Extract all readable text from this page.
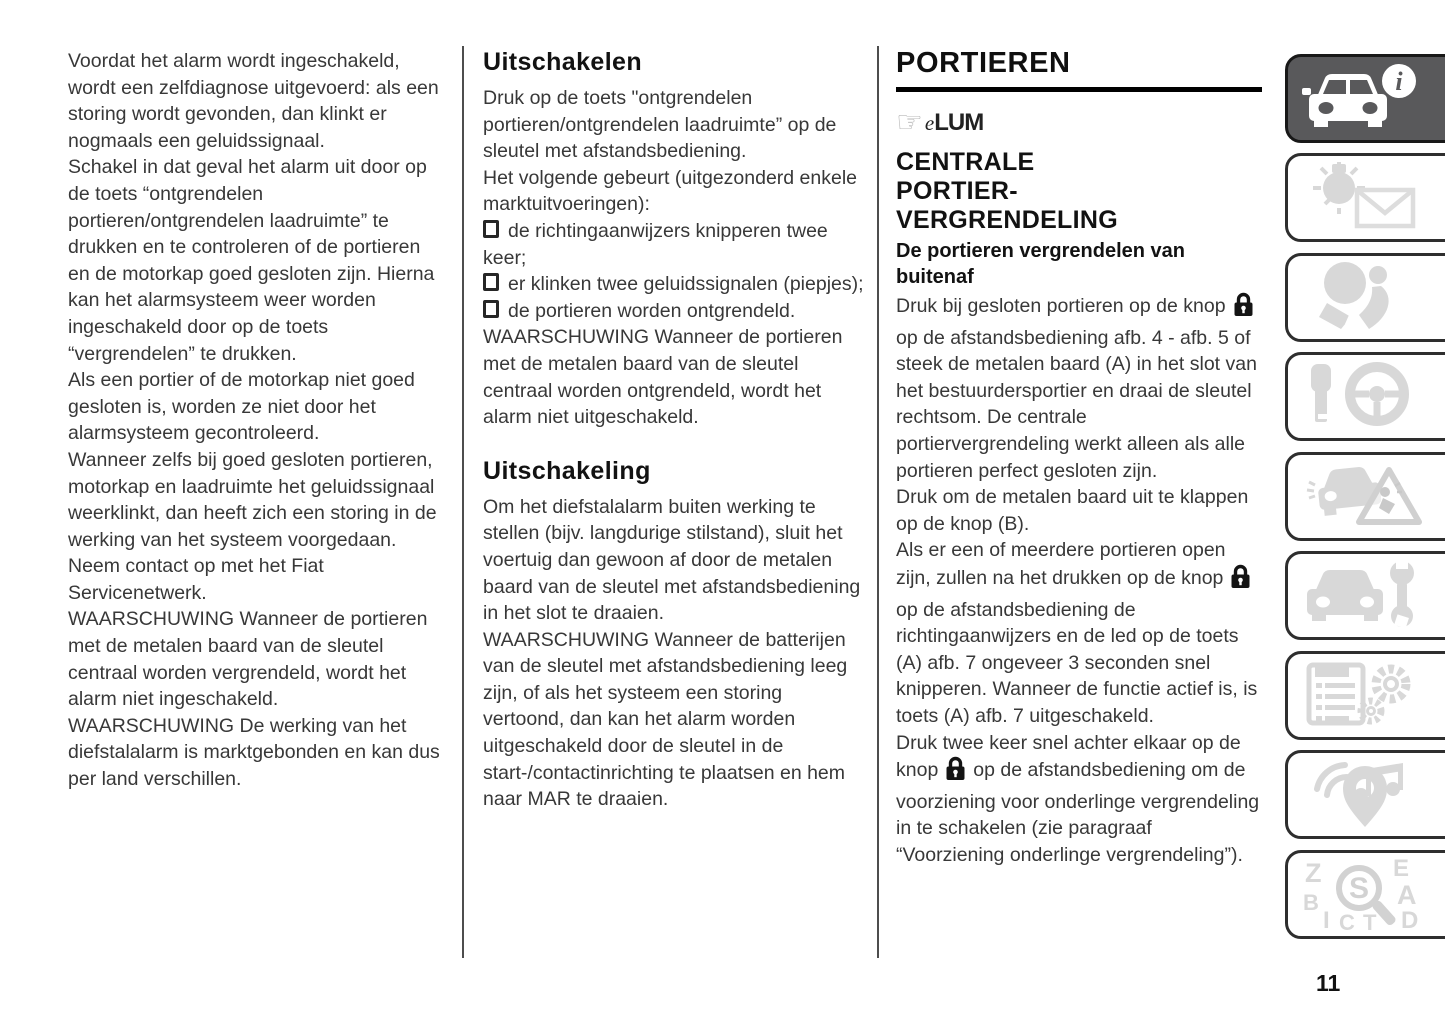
Voordat het alarm wordt ingeschakeld, wordt een zelfdiagnose uitgevoerd: als een storing wordt gevonden, dan klinkt er nogmaals een geluidssignaal.

Schakel in dat geval het alarm uit door op de toets “ontgrendelen portieren/ontgrendelen laadruimte” te drukken en te controleren of de portieren en de motorkap goed gesloten zijn. Hierna kan het alarmsysteem weer worden ingeschakeld door op de toets “vergrendelen” te drukken.

Als een portier of de motorkap niet goed gesloten is, worden ze niet door het alarmsysteem gecontroleerd.

Wanneer zelfs bij goed gesloten portieren, motorkap en laadruimte het geluidssignaal weerklinkt, dan heeft zich een storing in de werking van het systeem voorgedaan. Neem contact op met het Fiat Servicenetwerk.

WAARSCHUWING Wanneer de portieren met de metalen baard van de sleutel centraal worden vergrendeld, wordt het alarm niet ingeschakeld.

WAARSCHUWING De werking van het diefstalalarm is marktgebonden en kan dus per land verschillen.

Uitschakelen

Druk op de toets "ontgrendelen portieren/ontgrendelen laadruimte” op de sleutel met afstandsbediening.

Het volgende gebeurt (uitgezonderd enkele marktuitvoeringen):

de richtingaanwijzers knipperen twee keer;

er klinken twee geluidssignalen (piepjes);

de portieren worden ontgrendeld.

WAARSCHUWING Wanneer de portieren met de metalen baard van de sleutel centraal worden ontgrendeld, wordt het alarm niet uitgeschakeld.

Uitschakeling

Om het diefstalalarm buiten werking te stellen (bijv. langdurige stilstand), sluit het voertuig dan gewoon af door de metalen baard van de sleutel met afstandsbediening in het slot te draaien.

WAARSCHUWING Wanneer de batterijen van de sleutel met afstandsbediening leeg zijn, of als het systeem een storing vertoond, dan kan het alarm worden uitgeschakeld door de sleutel in de start-/contactinrichting te plaatsen en hem naar MAR te draaien.

PORTIEREN
☞ e LUM
CENTRALE PORTIER-VERGRENDELING
De portieren vergrendelen van buitenaf

Druk bij gesloten portieren op de knopop de afstandsbediening afb. 4 - afb. 5 of steek de metalen baard (A) in het slot van het bestuurdersportier en draai de sleutel rechtsom. De centrale portiervergrendeling werkt alleen als alle portieren perfect gesloten zijn.

Druk om de metalen baard uit te klappen op de knop (B).

Als er een of meerdere portieren open zijn, zullen na het drukken op de knopop de afstandsbediening de richtingaanwijzers en de led op de toets (A) afb. 7 ongeveer 3 seconden snel knipperen. Wanneer de functie actief is, is toets (A) afb. 7 uitgeschakeld.

Druk twee keer snel achter elkaar op de knop op de afstandsbediening om de voorziening voor onderlinge vergrendeling in te schakelen (zie paragraaf “Voorziening onderlinge vergrendeling”).

i
Z	E
B	A
D
I C T
S
11
